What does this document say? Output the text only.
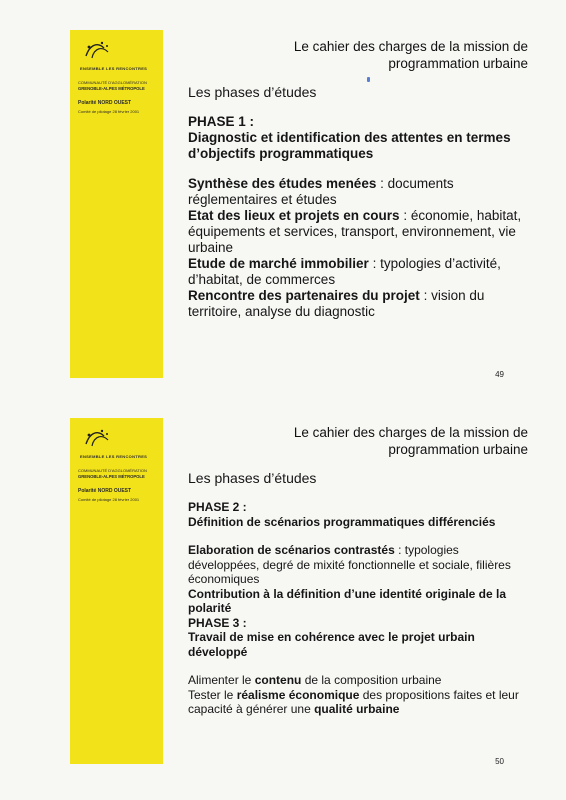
ENSEMBLE LES RENCONTRES
COMMUNAUTÉ D'AGGLOMÉRATION
GRENOBLE-ALPES MÉTROPOLE
Polarité NORD OUEST
Comité de pilotage 28 février 2001
Le cahier des charges de la mission de
programmation urbaine
Les phases d’études
PHASE 1 :
Diagnostic et identification des attentes en termes d’objectifs programmatiques
Synthèse des études menées : documents réglementaires et études
Etat des lieux et projets en cours : économie, habitat, équipements et services, transport, environnement, vie urbaine
Etude de marché immobilier : typologies d’activité, d’habitat, de commerces
Rencontre des partenaires du projet : vision du territoire, analyse du diagnostic
49
ENSEMBLE LES RENCONTRES
COMMUNAUTÉ D'AGGLOMÉRATION
GRENOBLE-ALPES MÉTROPOLE
Polarité NORD OUEST
Comité de pilotage 28 février 2001
Le cahier des charges de la mission de
programmation urbaine
Les phases d’études
PHASE 2 :
Définition de scénarios programmatiques différenciés
Elaboration de scénarios contrastés : typologies développées, degré de mixité fonctionnelle et sociale, filières économiques
Contribution à la définition d’une identité originale de la polarité
PHASE 3 :
Travail de mise en cohérence avec le projet urbain développé
Alimenter le contenu de la composition urbaine
Tester le réalisme économique des propositions faites et leur capacité à générer une qualité urbaine
50
